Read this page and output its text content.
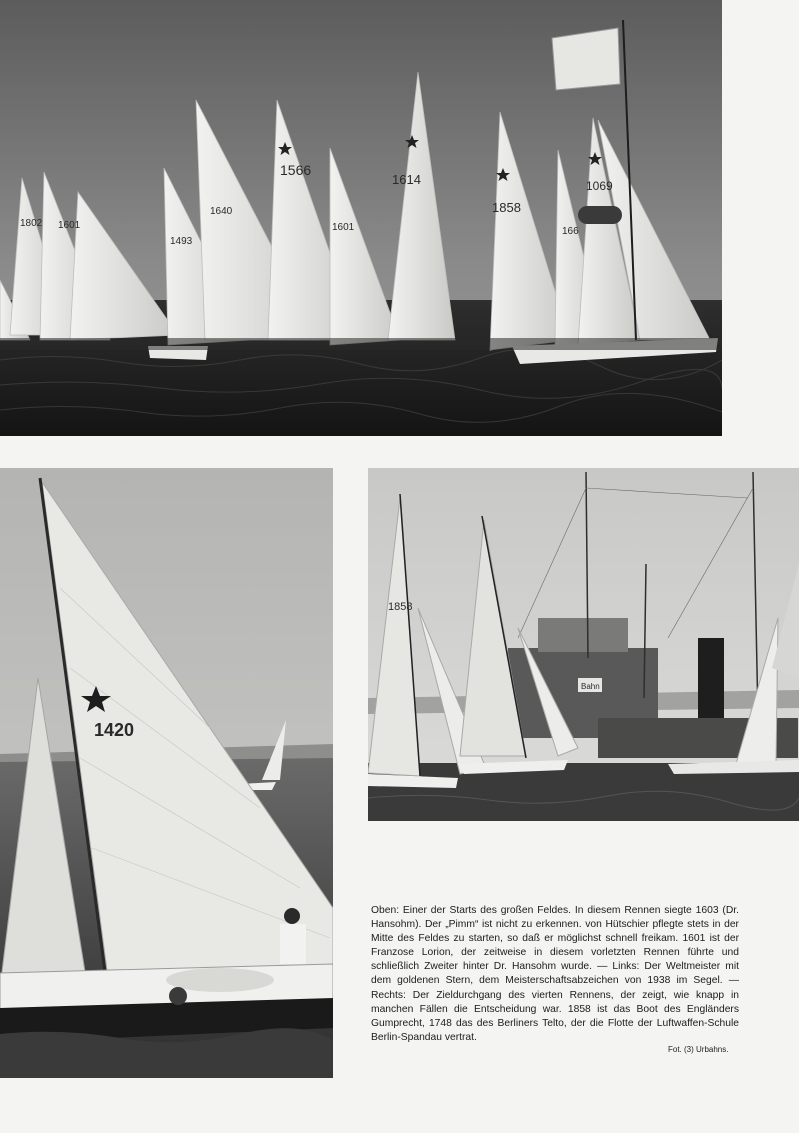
1802 1601
1493
1640
1566
1601
1614
1858
1069
166
1420
Bahn
1858
Oben: Einer der Starts des großen Feldes. In diesem Rennen siegte 1603 (Dr. Hansohm). Der „Pimm“ ist nicht zu erkennen. von Hütschier pflegte stets in der Mitte des Feldes zu starten, so daß er möglichst schnell freikam. 1601 ist der Franzose Lorion, der zeitweise in diesem vorletzten Rennen führte und schließlich Zweiter hinter Dr. Hansohm wurde. — Links: Der Weltmeister mit dem goldenen Stern, dem Meisterschaftsabzeichen von 1938 im Segel. — Rechts: Der Zieldurchgang des vierten Rennens, der zeigt, wie knapp in manchen Fällen die Entscheidung war. 1858 ist das Boot des Engländers Gumprecht, 1748 das des Berliners Telto, der die Flotte der Luftwaffen-Schule Berlin-Spandau vertrat.
Fot. (3) Urbahns.
